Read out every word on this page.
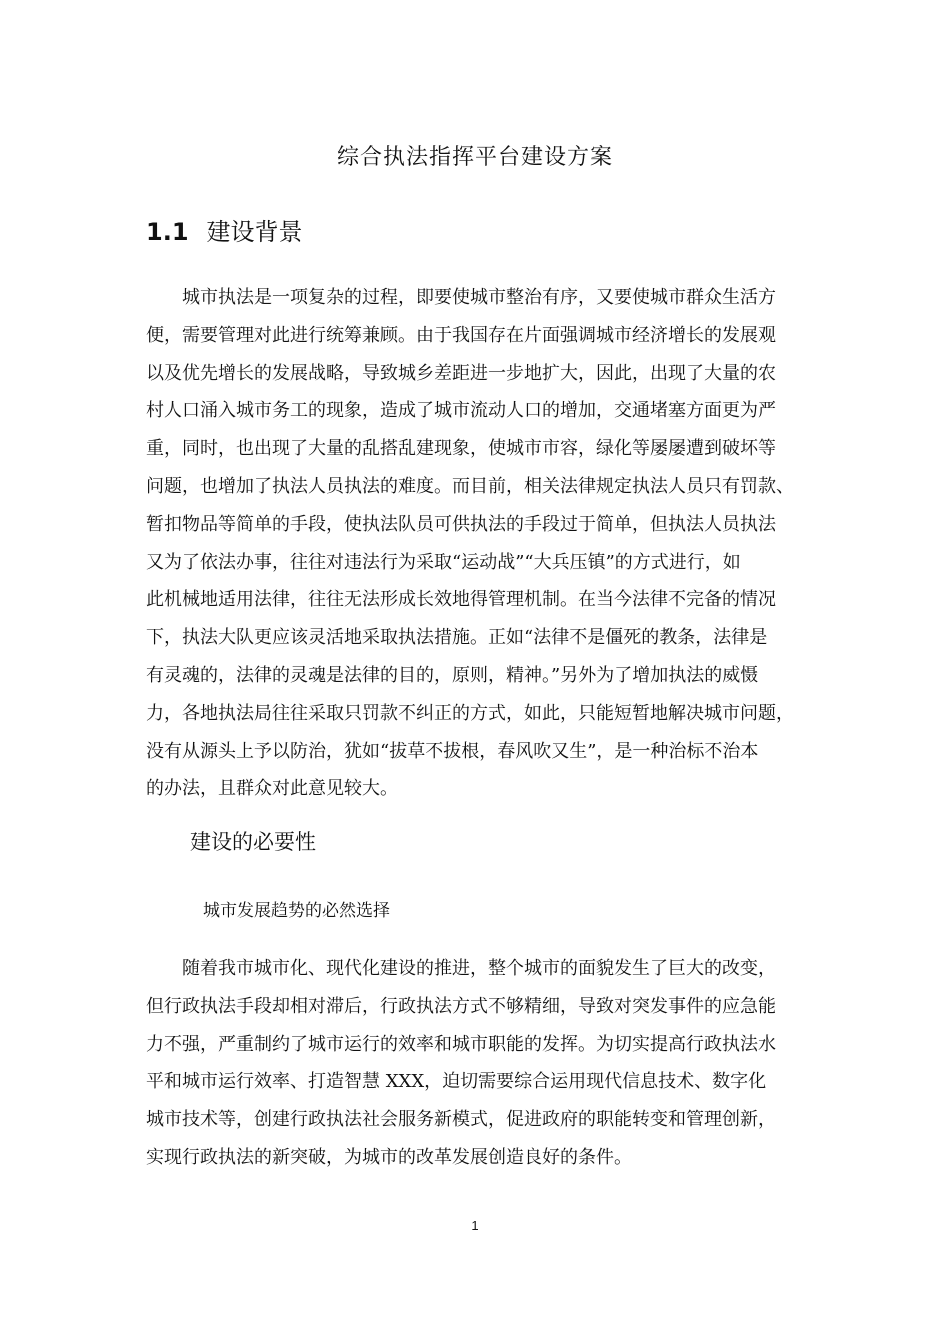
综合执法指挥平台建设方案
1.1 建设背景
　　城市执法是一项复杂的过程，即要使城市整治有序，又要使城市群众生活方
便，需要管理对此进行统筹兼顾。由于我国存在片面强调城市经济增长的发展观
以及优先增长的发展战略，导致城乡差距进一步地扩大，因此，出现了大量的农
村人口涌入城市务工的现象，造成了城市流动人口的增加，交通堵塞方面更为严
重，同时，也出现了大量的乱搭乱建现象，使城市市容，绿化等屡屡遭到破坏等
问题，也增加了执法人员执法的难度。而目前，相关法律规定执法人员只有罚款、
暂扣物品等简单的手段，使执法队员可供执法的手段过于简单，但执法人员执法
又为了依法办事，往往对违法行为采取“运动战”“大兵压镇”的方式进行，如
此机械地适用法律，往往无法形成长效地得管理机制。在当今法律不完备的情况
下，执法大队更应该灵活地采取执法措施。正如“法律不是僵死的教条，法律是
有灵魂的，法律的灵魂是法律的目的，原则，精神。”另外为了增加执法的威慑
力，各地执法局往往采取只罚款不纠正的方式，如此，只能短暂地解决城市问题，
没有从源头上予以防治，犹如“拔草不拔根，春风吹又生”，是一种治标不治本
的办法，且群众对此意见较大。
建设的必要性
城市发展趋势的必然选择
　　随着我市城市化、现代化建设的推进，整个城市的面貌发生了巨大的改变，
但行政执法手段却相对滞后，行政执法方式不够精细，导致对突发事件的应急能
力不强，严重制约了城市运行的效率和城市职能的发挥。为切实提高行政执法水
平和城市运行效率、打造智慧 XXX，迫切需要综合运用现代信息技术、数字化
城市技术等，创建行政执法社会服务新模式，促进政府的职能转变和管理创新，
实现行政执法的新突破，为城市的改革发展创造良好的条件。
1
